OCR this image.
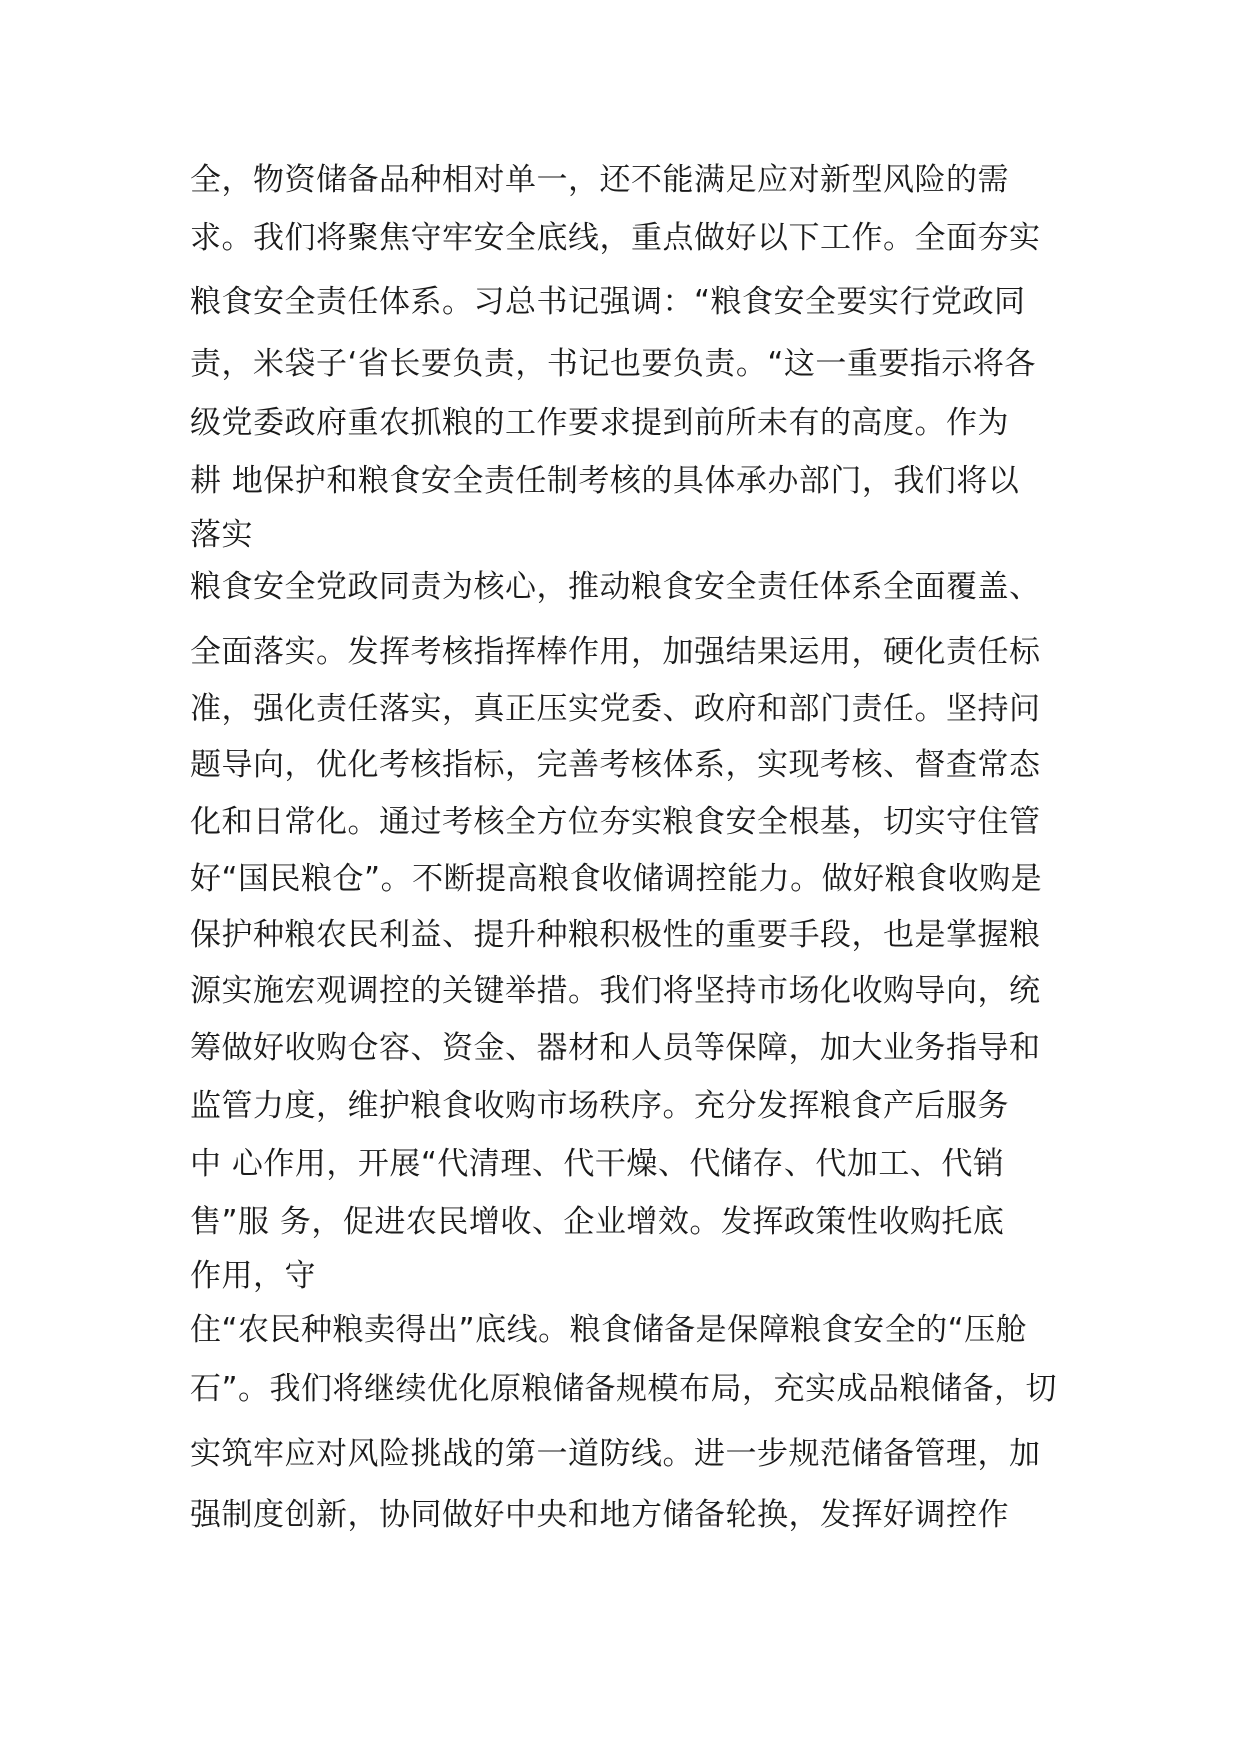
全，物资储备品种相对单一，还不能满足应对新型风险的需

求。我们将聚焦守牢安全底线，重点做好以下工作。全面夯实

粮食安全责任体系。习总书记强调：“粮食安全要实行党政同

责，米袋子‘省长要负责，书记也要负责。“这一重要指示将各

级党委政府重农抓粮的工作要求提到前所未有的高度。作为

耕 地保护和粮食安全责任制考核的具体承办部门，我们将以

落实

粮食安全党政同责为核心，推动粮食安全责任体系全面覆盖、

全面落实。发挥考核指挥棒作用，加强结果运用，硬化责任标

准，强化责任落实，真正压实党委、政府和部门责任。坚持问

题导向，优化考核指标，完善考核体系，实现考核、督查常态

化和日常化。通过考核全方位夯实粮食安全根基，切实守住管

好“国民粮仓”。不断提高粮食收储调控能力。做好粮食收购是

保护种粮农民利益、提升种粮积极性的重要手段，也是掌握粮

源实施宏观调控的关键举措。我们将坚持市场化收购导向，统

筹做好收购仓容、资金、器材和人员等保障，加大业务指导和

监管力度，维护粮食收购市场秩序。充分发挥粮食产后服务

中 心作用，开展“代清理、代干燥、代储存、代加工、代销

售”服 务，促进农民增收、企业增效。发挥政策性收购托底

作用，守

住“农民种粮卖得出”底线。粮食储备是保障粮食安全的“压舱

石”。我们将继续优化原粮储备规模布局，充实成品粮储备，切

实筑牢应对风险挑战的第一道防线。进一步规范储备管理，加

强制度创新，协同做好中央和地方储备轮换，发挥好调控作
